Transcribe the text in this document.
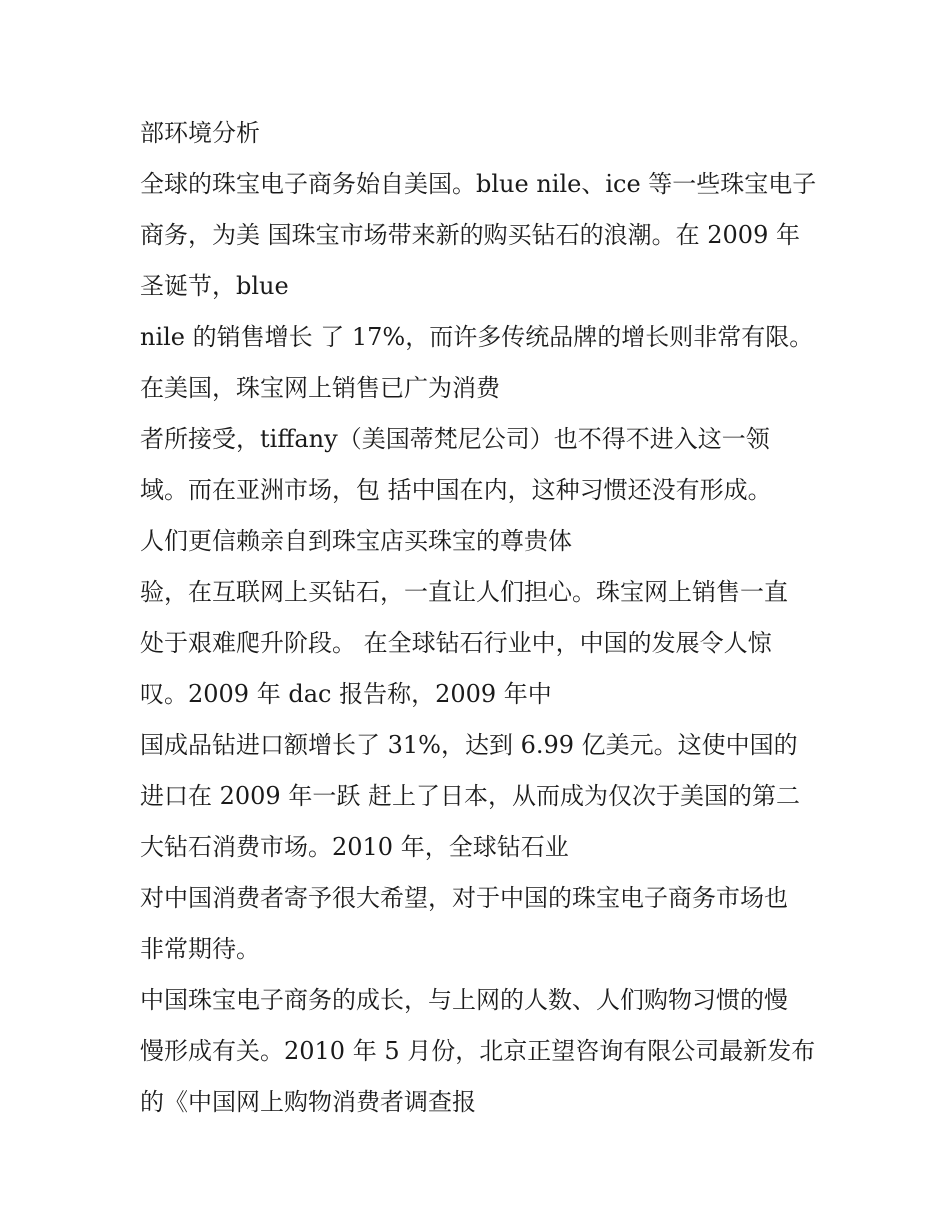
部环境分析
全球的珠宝电子商务始自美国。blue nile、ice 等一些珠宝电子
商务，为美 国珠宝市场带来新的购买钻石的浪潮。在 2009 年
圣诞节，blue
nile 的销售增长 了 17%，而许多传统品牌的增长则非常有限。
在美国，珠宝网上销售已广为消费
者所接受，tiffany（美国蒂梵尼公司）也不得不进入这一领
域。而在亚洲市场，包 括中国在内，这种习惯还没有形成。
人们更信赖亲自到珠宝店买珠宝的尊贵体
验，在互联网上买钻石，一直让人们担心。珠宝网上销售一直
处于艰难爬升阶段。 在全球钻石行业中，中国的发展令人惊
叹。2009 年 dac 报告称，2009 年中
国成品钻进口额增长了 31%，达到 6.99 亿美元。这使中国的
进口在 2009 年一跃 赶上了日本，从而成为仅次于美国的第二
大钻石消费市场。2010 年，全球钻石业
对中国消费者寄予很大希望，对于中国的珠宝电子商务市场也
非常期待。
中国珠宝电子商务的成长，与上网的人数、人们购物习惯的慢
慢形成有关。2010 年 5 月份，北京正望咨询有限公司最新发布
的《中国网上购物消费者调查报
